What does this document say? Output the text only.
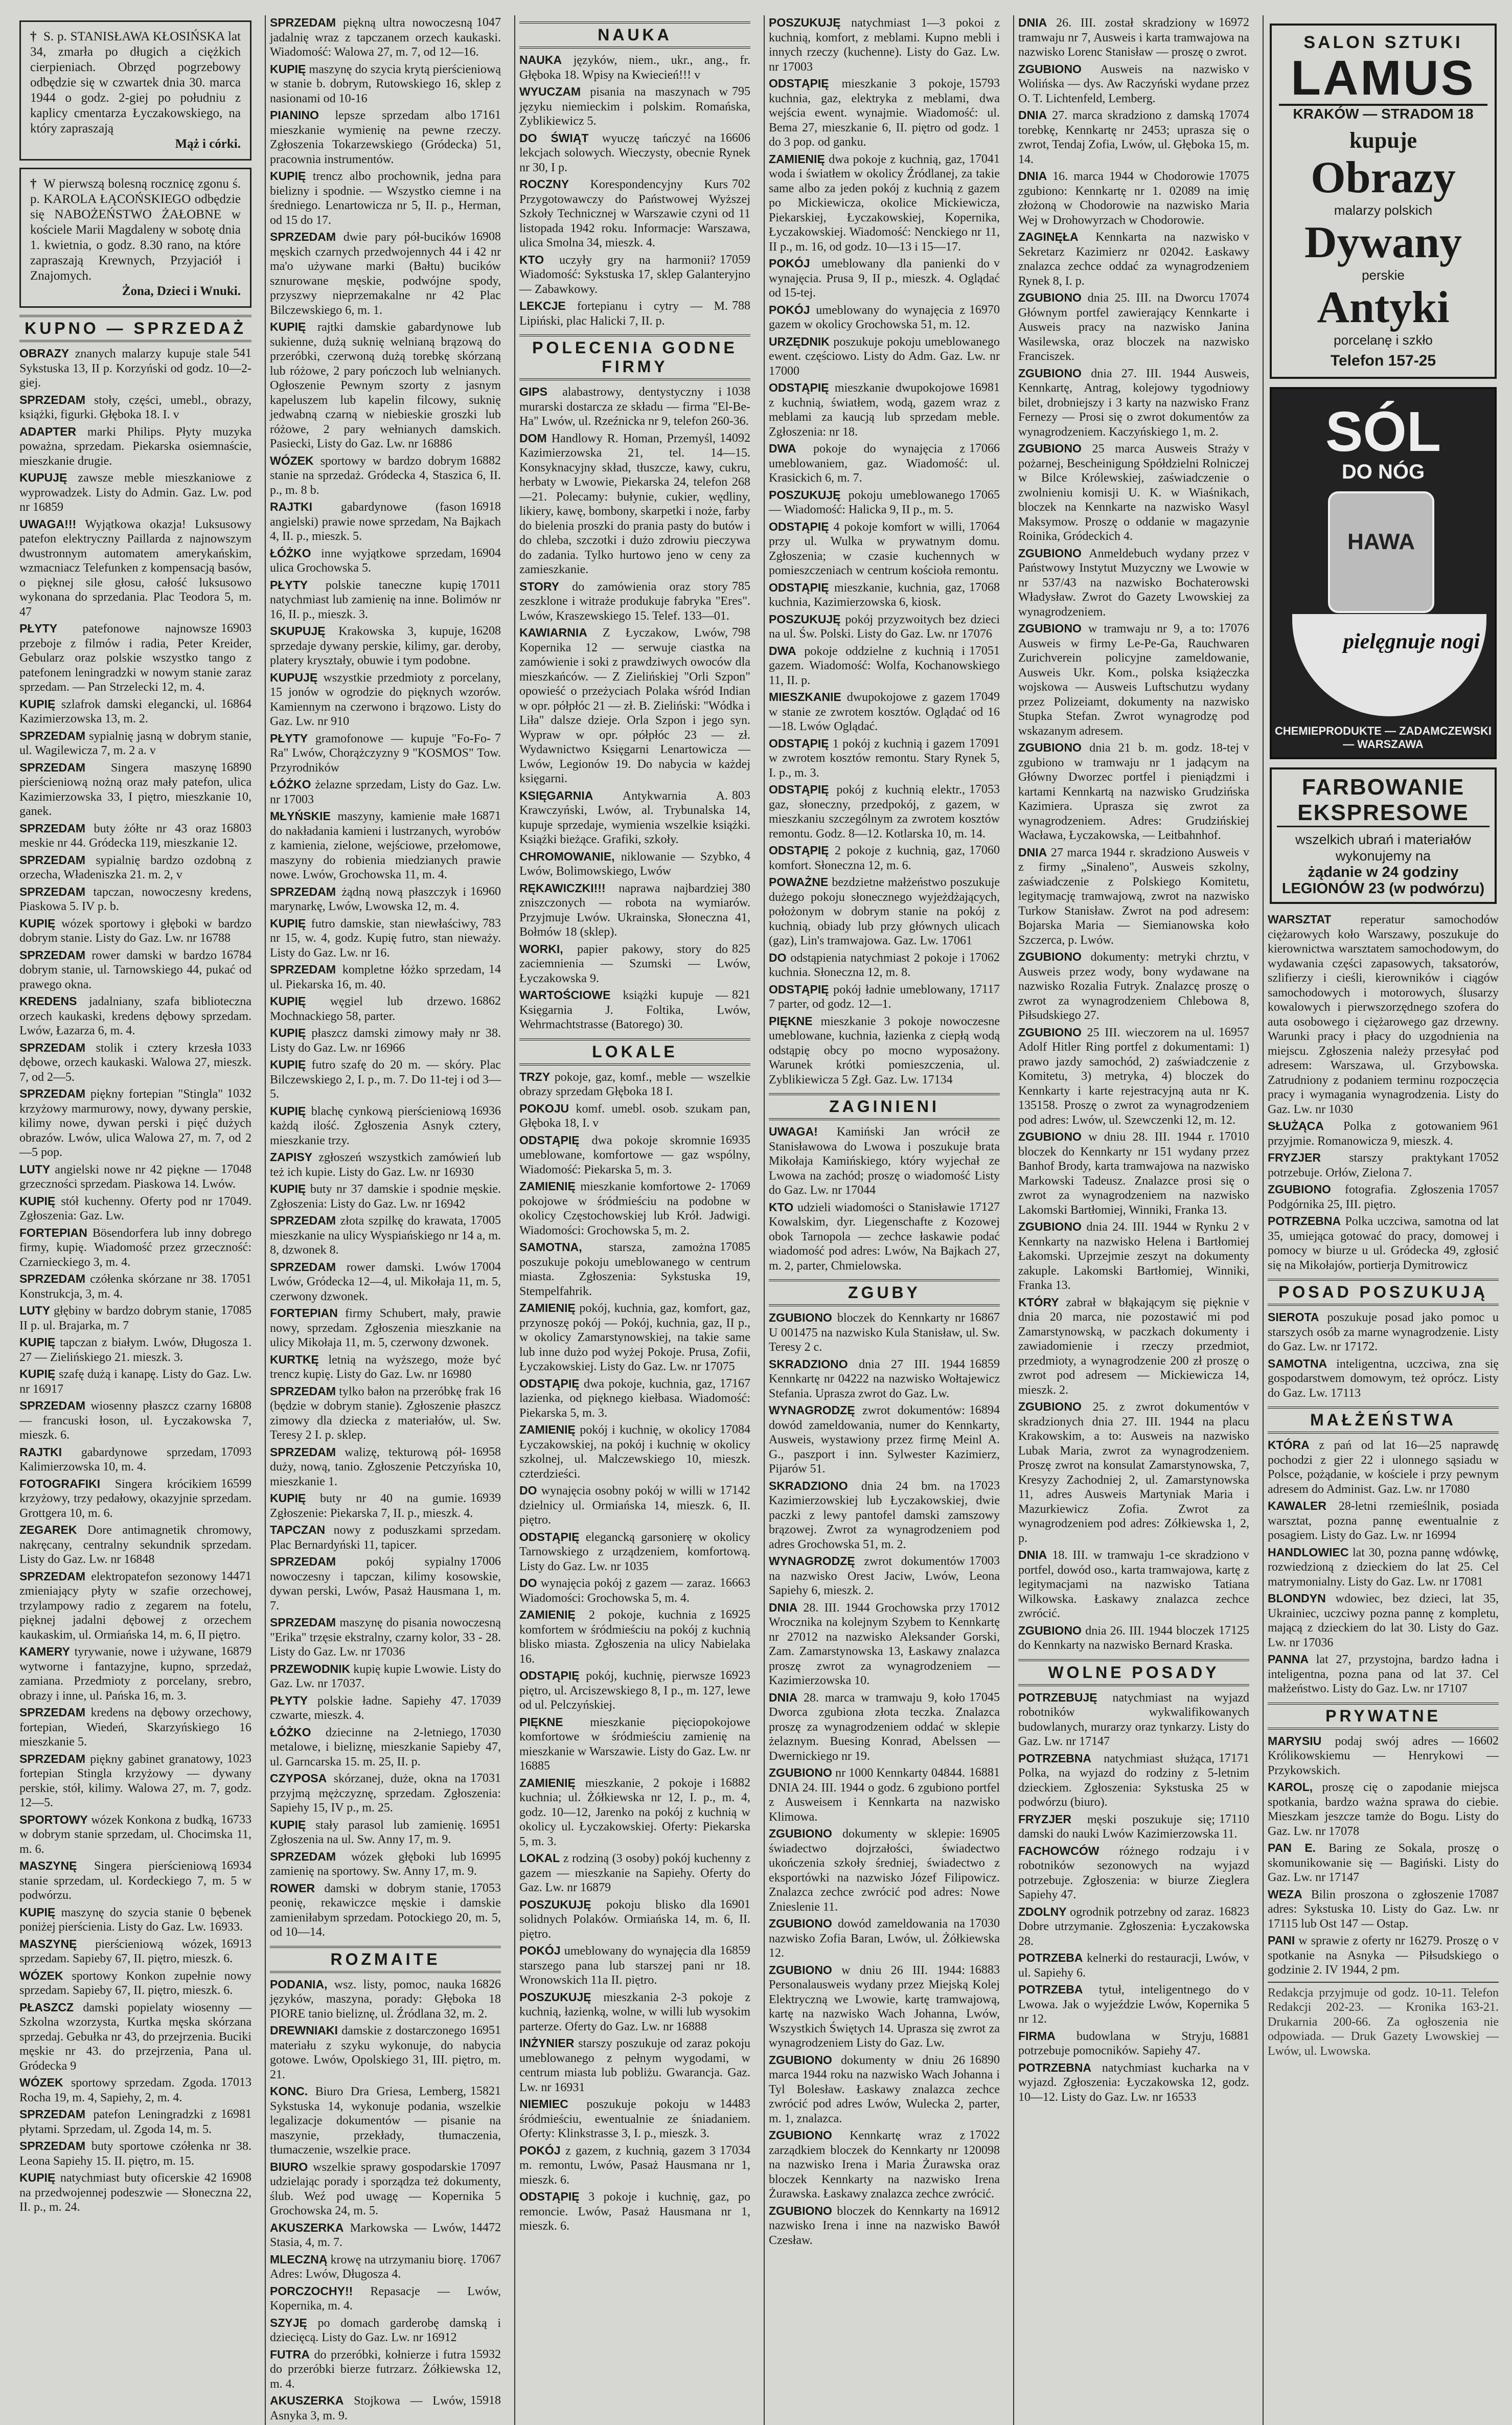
† S. p. STANISŁAWA KŁOSIŃSKA lat 34, zmarła po długich a ciężkich cierpieniach. Obrzęd pogrzebowy odbędzie się w czwartek dnia 30. marca 1944 o godz. 2-giej po południu z kaplicy cmentarza Łyczakowskiego, na który zapraszają
Mąż i córki.
† W pierwszą bolesną rocznicę zgonu ś. p. KAROLA ŁĄCOŃSKIEGO odbędzie się NABOŻEŃSTWO ŻAŁOBNE w kościele Marii Magdaleny w sobotę dnia 1. kwietnia, o godz. 8.30 rano, na które zapraszają Krewnych, Przyjaciół i Znajomych.
Żona, Dzieci i Wnuki.
KUPNO — SPRZEDAŻ

541
OBRAZY znanych malarzy kupuje stale Sykstuska 13, II p. Korzyński od godz. 10—2-giej.

SPRZEDAM stoły, części, umebl., obrazy, książki, figurki. Głęboka 18. I. v

ADAPTER marki Philips. Płyty muzyka poważna, sprzedam. Piekarska osiemnaście, mieszkanie drugie.

KUPUJĘ zawsze meble mieszkaniowe z wyprowadzek. Listy do Admin. Gaz. Lw. pod nr 16859

UWAGA!!! Wyjątkowa okazja! Luksusowy patefon elektryczny Paillarda z najnowszym dwustronnym automatem amerykańskim, wzmacniacz Telefunken z kompensacją basów, o pięknej sile głosu, całość luksusowo wykonana do sprzedania. Plac Teodora 5, m. 47

16903
PŁYTY patefonowe najnowsze przeboje z filmów i radia, Peter Kreider, Gebularz oraz polskie wszystko tango z patefonem leningradzki w nowym stanie zaraz sprzedam. — Pan Strzelecki 12, m. 4.

16864
KUPIĘ szlafrok damski elegancki, ul. Kazimierzowska 13, m. 2.

SPRZEDAM sypialnię jasną w dobrym stanie, ul. Wagilewicza 7, m. 2 a. v

16890
SPRZEDAM Singera maszynę pierścieniową nożną oraz mały patefon, ulica Kazimierzowska 33, I piętro, mieszkanie 10, ganek.

16803
SPRZEDAM buty żółte nr 43 oraz meskie nr 44. Gródecka 119, mieszkanie 12.

SPRZEDAM sypialnię bardzo ozdobną z orzecha, Władeniszka 21. m. 2, v

SPRZEDAM tapczan, nowoczesny kredens, Piaskowa 5. IV p. b.

KUPIĘ wózek sportowy i głęboki w bardzo dobrym stanie. Listy do Gaz. Lw. nr 16788

16784
SPRZEDAM rower damski w bardzo dobrym stanie, ul. Tarnowskiego 44, pukać od prawego okna.

KREDENS jadalniany, szafa biblioteczna orzech kaukaski, kredens dębowy sprzedam. Lwów, Łazarza 6, m. 4.

1033
SPRZEDAM stolik i cztery krzesła dębowe, orzech kaukaski. Walowa 27, mieszk. 7, od 2—5.

1032
SPRZEDAM piękny fortepian "Stingla" krzyżowy marmurowy, nowy, dywany perskie, kilimy nowe, dywan perski i pięć dużych obrazów. Lwów, ulica Walowa 27, m. 7, od 2—5 pop.

17048
LUTY angielski nowe nr 42 piękne — grzeczności sprzedam. Piaskowa 14. Lwów.

KUPIĘ stół kuchenny. Oferty pod nr 17049. Zgłoszenia: Gaz. Lw.

FORTEPIAN Bösendorfera lub inny dobrego firmy, kupię. Wiadomość przez grzeczność: Czarnieckiego 3, m. 4.

17051
SPRZEDAM czółenka skórzane nr 38. Konstrukcja, 3, m. 4.

17085
LUTY głębiny w bardzo dobrym stanie, II p. ul. Brajarka, m. 7

KUPIĘ tapczan z białym. Lwów, Długosza 1. 27 — Zielińskiego 21. mieszk. 3.

KUPIĘ szafę dużą i kanapę. Listy do Gaz. Lw. nr 16917

16808
SPRZEDAM wiosenny płaszcz czarny — francuski łoson, ul. Łyczakowska 7, mieszk. 6.

17093
RAJTKI gabardynowe sprzedam, Kalimierzowska 10, m. 4.

16599
FOTOGRAFIKI Singera krócikiem krzyżowy, trzy pedałowy, okazyjnie sprzedam. Grottgera 10, m. 6.

ZEGAREK Dore antimagnetik chromowy, nakręcany, centralny sekundnik sprzedam. Listy do Gaz. Lw. nr 16848

14471
SPRZEDAM elektropatefon sezonowy zmieniający płyty w szafie orzechowej, trzylampowy radio z zegarem na fotelu, pięknej jadalni dębowej z orzechem kaukaskim, ul. Ormiańska 14, m. 6, II piętro.

16879
KAMERY tyrywanie, nowe i używane, wytworne i fantazyjne, kupno, sprzedaż, zamiana. Przedmioty z porcelany, srebro, obrazy i inne, ul. Pańska 16, m. 3.

SPRZEDAM kredens na dębowy orzechowy, fortepian, Wiedeń, Skarzyńskiego 16 mieszkanie 5.

1023
SPRZEDAM piękny gabinet granatowy, fortepian Stingla krzyżowy — dywany perskie, stół, kilimy. Walowa 27, m. 7, godz. 12—5.

16733
SPORTOWY wózek Konkona z budką, w dobrym stanie sprzedam, ul. Chocimska 11, m. 6.

16934
MASZYNĘ Singera pierścieniową stanie sprzedam, ul. Kordeckiego 7, m. 5 w podwórzu.

KUPIĘ maszynę do szycia stanie 0 bębenek poniżej pierścienia. Listy do Gaz. Lw. 16933.

16913
MASZYNĘ pierścieniową wózek, sprzedam. Sapieby 67, II. piętro, mieszk. 6.

WÓZEK sportowy Konkon zupełnie nowy sprzedam. Sapieby 67, II. piętro, mieszk. 6.

PŁASZCZ damski popielaty wiosenny — Szkolna wzorzysta, Kurtka męska skórzana sprzedaj. Gebułka nr 43, do przejrzenia. Buciki męskie nr 43. do przejrzenia, Pana ul. Gródecka 9

17013
WÓZEK sportowy sprzedam. Zgoda. Rocha 19, m. 4, Sapiehy, 2, m. 4.

16981
SPRZEDAM patefon Leningradzki z płytami. Sprzedam, ul. Zgoda 14, m. 5.

SPRZEDAM buty sportowe czółenka nr 38. Leona Sapiehy 15. II. piętro, m. 15.

16908
KUPIĘ natychmiast buty oficerskie 42 na przedwojennej podeszwie — Słoneczna 22, II. p., m. 24.

1047
SPRZEDAM piękną ultra nowoczesną jadalnię wraz z tapczanem orzech kaukaski. Wiadomość: Walowa 27, m. 7, od 12—16.

KUPIĘ maszynę do szycia krytą pierścieniową w stanie b. dobrym, Rutowskiego 16, sklep z nasionami od 10-16

17161
PIANINO lepsze sprzedam albo mieszkanie wymienię na pewne rzeczy. Zgłoszenia Tokarzewskiego (Gródecka) 51, pracownia instrumentów.

KUPIĘ trencz albo prochownik, jedna para bielizny i spodnie. — Wszystko ciemne i na średniego. Lenartowicza nr 5, II. p., Herman, od 15 do 17.

16908
SPRZEDAM dwie pary pół-bucików męskich czarnych przedwojennych 44 i 42 nr ma'o używane marki (Bałtu) bucików sznurowane męskie, podwójne spody, przyszwy nieprzemakalne nr 42 Plac Bilczewskiego 6, m. 1.

KUPIĘ rajtki damskie gabardynowe lub sukienne, dużą suknię welnianą brązową do przeróbki, czerwoną dużą torebkę skórzaną lub różowe, 2 pary pończoch lub welnianych. Ogłoszenie Pewnym szorty z jasnym kapeluszem lub kapelin filcowy, suknię jedwabną czarną w niebieskie groszki lub różowe, 2 pary wełnianych damskich. Pasiecki, Listy do Gaz. Lw. nr 16886

16882
WÓZEK sportowy w bardzo dobrym stanie na sprzedaż. Gródecka 4, Staszica 6, II. p., m. 8 b.

16918
RAJTKI gabardynowe (fason angielski) prawie nowe sprzedam, Na Bajkach 4, II. p., mieszk. 5.

16904
ŁÓŻKO inne wyjątkowe sprzedam, ulica Grochowska 5.

17011
PŁYTY polskie taneczne kupię natychmiast lub zamienię na inne. Bolimów nr 16, II. p., mieszk. 3.

16208
SKUPUJĘ Krakowska 3, kupuje, sprzedaje dywany perskie, kilimy, gar. deroby, platery kryształy, obuwie i tym podobne.

KUPUJĘ wszystkie przedmioty z porcelany, 15 jonów w ogrodzie do pięknych wzorów. Kamiennym na czerwono i brązowo. Listy do Gaz. Lw. nr 910

7
PŁYTY gramofonowe — kupuje "Fo-Fo-Ra" Lwów, Chorążczyzny 9 "KOSMOS" Tow. Przyrodników

ŁÓŻKO żelazne sprzedam, Listy do Gaz. Lw. nr 17003

16871
MŁYŃSKIE maszyny, kamienie małe do nakładania kamieni i lustrzanych, wyrobów z kamienia, zielone, wejściowe, przełomowe, maszyny do robienia miedzianych prawie nowe. Lwów, Grochowska 11, m. 4.

16960
SPRZEDAM żądną nową płaszczyk i marynarkę, Lwów, Lwowska 12, m. 4.

783
KUPIĘ futro damskie, stan niewłaściwy, nr 15, w. 4, godz. Kupię futro, stan nieważy. Listy do Gaz. Lw. nr 16.

14
SPRZEDAM kompletne łóżko sprzedam, ul. Piekarska 16, m. 40.

16862
KUPIĘ węgiel lub drzewo. Mochnackiego 58, parter.

KUPIĘ płaszcz damski zimowy mały nr 38. Listy do Gaz. Lw. nr 16966

KUPIĘ futro szafę do 20 m. — skóry. Plac Bilczewskiego 2, I. p., m. 7. Do 11-tej i od 3—5.

16936
KUPIĘ blachę cynkową pierścieniową każdą ilość. Zgłoszenia Asnyk cztery, mieszkanie trzy.

ZAPISY zgłoszeń wszystkich zamówień lub też ich kupie. Listy do Gaz. Lw. nr 16930

KUPIĘ buty nr 37 damskie i spodnie męskie. Zgłoszenia: Listy do Gaz. Lw. nr 16942

17005
SPRZEDAM złota szpilkę do krawata, mieszkanie na ulicy Wyspiańskiego nr 14 a, m. 8, dzwonek 8.

17004
SPRZEDAM rower damski. Lwów Lwów, Gródecka 12—4, ul. Mikołaja 11, m. 5, czerwony dzwonek.

FORTEPIAN firmy Schubert, mały, prawie nowy, sprzedam. Zgłoszenia mieszkanie na ulicy Mikołaja 11, m. 5, czerwony dzwonek.

KURTKĘ letnią na wyższego, może być trencz kupię. Listy do Gaz. Lw. nr 16980

16
SPRZEDAM tylko bałon na przeróbkę frak (będzie w dobrym stanie). Zgłoszenie płaszcz zimowy dla dziecka z materiałów, ul. Sw. Teresy 2 I. p. sklep.

16958
SPRZEDAM walizę, tekturową pół-duży, nową, tanio. Zgłoszenie Petczyńska 10, mieszkanie 1.

16939
KUPIĘ buty nr 40 na gumie. Zgłoszenie: Piekarska 7, II. p., mieszk. 4.

TAPCZAN nowy z poduszkami sprzedam. Plac Bernardyński 11, tapicer.

17006
SPRZEDAM pokój sypialny nowoczesny i tapczan, kilimy kosowskie, dywan perski, Lwów, Pasaż Hausmana 1, m. 7.

SPRZEDAM maszynę do pisania nowoczesną "Erika" trzęsie ekstralny, czarny kolor, 33 - 28. Listy do Gaz. Lw. nr 17036

PRZEWODNIK kupię kupie Lwowie. Listy do Gaz. Lw. nr 17037.

17039
PŁYTY polskie ładne. Sapiehy 47. czwarte, mieszk. 4.

17030
ŁÓŻKO dziecinne na 2-letniego, metalowe, i bieliznę, mieszkanie Sapieby 47, ul. Garncarska 15. m. 25, II. p.

17031
CZYPOSA skórzanej, duże, okna na przyjmą mężczyznę, sprzedam. Zgłoszenia: Sapiehy 15, IV p., m. 25.

16951
KUPIĘ stały parasol lub zamienię. Zgłoszenia na ul. Sw. Anny 17, m. 9.

16995
SPRZEDAM wózek głęboki lub zamienię na sportowy. Sw. Anny 17, m. 9.

17053
ROWER damski w dobrym stanie, peonię, rekawiczce męskie i damskie zamieniłabym sprzedam. Potockiego 20, m. 5, od 10—14.

ROZMAITE

16826
PODANIA, wsz. listy, pomoc, nauka języków, maszyna, porady: Głęboka 18 PIORE tanio bieliznę, ul. Źródlana 32, m. 2.

16951
DREWNIAKI damskie z dostarczonego materiału z szyku wykonuje, do nabycia gotowe. Lwów, Opolskiego 31, III. piętro, m. 21.

15821
KONC. Biuro Dra Griesa, Lemberg, Sykstuska 14, wykonuje podania, wszelkie legalizacje dokumentów — pisanie na maszynie, przekłady, tłumaczenia, tłumaczenie, wszelkie prace.

17097
BIURO wszelkie sprawy gospodarskie udzielając porady i sporządza też dokumenty, ślub. Weź pod uwagę — Kopernika 5 Grochowska 24, m. 5.

14472
AKUSZERKA Markowska — Lwów, Stasia, 4, m. 7.

17067
MLECZNĄ krowę na utrzymaniu biorę. Adres: Lwów, Długosza 4.

PORCZOCHY!! Repasacje — Lwów, Kopernika, m. 4.

SZYJĘ po domach garderobę damską i dziecięcą. Listy do Gaz. Lw. nr 16912

15932
FUTRA do przeróbki, kołnierze i futra do przeróbki bierze futrzarz. Żółkiewska 12, m. 4.

15918
AKUSZERKA Stojkowa — Lwów, Asnyka 3, m. 9.

NAUKA

NAUKA języków, niem., ukr., ang., fr. Głęboka 18. Wpisy na Kwiecień!!! v

795
WYUCZAM pisania na maszynach w języku niemieckim i polskim. Romańska, Zyblikiewicz 5.

16606
DO ŚWIĄT wyuczę tańczyć na lekcjach solowych. Wieczysty, obecnie Rynek nr 30, I p.

702
ROCZNY Korespondencyjny Kurs Przygotowawczy do Państwowej Wyższej Szkoły Technicznej w Warszawie czyni od 11 listopada 1942 roku. Informacje: Warszawa, ulica Smolna 34, mieszk. 4.

17059
KTO uczyły gry na harmonii? Wiadomość: Sykstuska 17, sklep Galanteryjno — Zabawkowy.

788
LEKCJE fortepianu i cytry — M. Lipiński, plac Halicki 7, II. p.

POLECENIA GODNE FIRMY

1038
GIPS alabastrowy, dentystyczny i murarski dostarcza ze składu — firma "El-Be-Ha" Lwów, ul. Rzeźnicka nr 9, telefon 260-36.

14092
DOM Handlowy R. Homan, Przemyśl, Kazimierzowska 21, tel. 14—15. Konsyknacyjny skład, tłuszcze, kawy, cukru, herbaty w Lwowie, Piekarska 24, telefon 268—21. Polecamy: bułynie, cukier, wędliny, likiery, kawę, bombony, skarpetki i noże, farby do bielenia proszki do prania pasty do butów i do chleba, szczotki i dużo zdrowiu pieczywa do zadania. Tylko hurtowo jeno w ceny za zamieszkanie.

785
STORY do zamówienia oraz story zeszklone i witraże produkuje fabryka "Eres". Lwów, Kraszewskiego 15. Telef. 133—01.

798
KAWIARNIA Z Łyczakow, Lwów, Kopernika 12 — serwuje ciastka na zamówienie i soki z prawdziwych owoców dla mieszkańców. — Z Zielińskiej "Orli Szpon" opowieść o przeżyciach Polaka wśród Indian w opr. półpłóc 21 — zł. B. Zieliński: "Wódka i Liła" dalsze dzieje. Orla Szpon i jego syn. Wypraw w opr. półpłóc 23 — zł. Wydawnictwo Księgarni Lenartowicza — Lwów, Legionów 19. Do nabycia w każdej księgarni.

803
KSIĘGARNIA Antykwarnia A. Krawczyński, Lwów, al. Trybunalska 14, kupuje sprzedaje, wymienia wszelkie książki. Książki bieżące. Grafiki, szkoły.

4
CHROMOWANIE, niklowanie — Szybko, Lwów, Bolimowskiego, Lwów

380
RĘKAWICZKI!!! naprawa najbardziej zniszczonych — robota na wymiarów. Przyjmuje Lwów. Ukrainska, Słoneczna 41, Bołmów 18 (sklep).

825
WORKI, papier pakowy, story do zaciemnienia — Szumski — Lwów, Łyczakowska 9.

821
WARTOŚCIOWE książki kupuje — Księgarnia J. Foltika, Lwów, Wehrmachtstrasse (Batorego) 30.

LOKALE

TRZY pokoje, gaz, komf., meble — wszelkie obrazy sprzedam Głęboka 18 I.

POKOJU komf. umebl. osob. szukam pan, Głęboka 18, I. v

16935
ODSTĄPIĘ dwa pokoje skromnie umeblowane, komfortowe — gaz wspólny, Wiadomość: Piekarska 5, m. 3.

17069
ZAMIENIĘ mieszkanie komfortowe 2-pokojowe w śródmieściu na podobne w okolicy Częstochowskiej lub Krół. Jadwigi. Wiadomości: Grochowska 5, m. 2.

17085
SAMOTNA, starsza, zamożna poszukuje pokoju umeblowanego w centrum miasta. Zgłoszenia: Sykstuska 19, Stempelfahrik.

ZAMIENIĘ pokój, kuchnia, gaz, komfort, gaz, przynoszę pokój — Pokój, kuchnia, gaz, II p., w okolicy Zamarstynowskiej, na takie same lub inne dużo pod wyżej Pokoje. Prusa, Zofii, Łyczakowskiej. Listy do Gaz. Lw. nr 17075

17167
ODSTĄPIĘ dwa pokoje, kuchnia, gaz, lazienka, od pięknego kiełbasa. Wiadomość: Piekarska 5, m. 3.

17084
ZAMIENIĘ pokój i kuchnię, w okolicy Łyczakowskiej, na pokój i kuchnię w okolicy szkolnej, ul. Malczewskiego 10, mieszk. czterdzieści.

17142
DO wynajęcia osobny pokój w willi w dzielnicy ul. Ormiańska 14, mieszk. 6, II. piętro.

ODSTĄPIĘ elegancką garsonierę w okolicy Tarnowskiego z urządzeniem, komfortową. Listy do Gaz. Lw. nr 1035

16663
DO wynajęcia pokój z gazem — zaraz. Wiadomości: Grochowska 5, m. 4.

16925
ZAMIENIĘ 2 pokoje, kuchnia z komfortem w śródmieściu na pokój z kuchnią blisko miasta. Zgłoszenia na ulicy Nabielaka 16.

16923
ODSTĄPIĘ pokój, kuchnię, pierwsze piętro, ul. Arciszewskiego 8, I p., m. 127, lewe od ul. Pelczyńskiej.

PIĘKNE mieszkanie pięciopokojowe komfortowe w śródmieściu zamienię na mieszkanie w Warszawie. Listy do Gaz. Lw. nr 16885

16882
ZAMIENIĘ mieszkanie, 2 pokoje i kuchnia; ul. Żółkiewska nr 12, I. p., m. 4, godz. 10—12, Jarenko na pokój z kuchnią w okolicy ul. Łyczakowskiej. Oferty: Piekarska 5, m. 3.

LOKAL z rodziną (3 osoby) pokój kuchenny z gazem — mieszkanie na Sapiehy. Oferty do Gaz. Lw. nr 16879

16901
POSZUKUJĘ pokoju blisko dla solidnych Polaków. Ormiańska 14, m. 6, II. piętro.

16859
POKÓJ umeblowany do wynajęcia dla starszego pana lub starszej pani nr 18. Wronowskich 11a II. piętro.

POSZUKUJĘ mieszkania 2-3 pokoje z kuchnią, łazienką, wolne, w willi lub wysokim parterze. Oferty do Gaz. Lw. nr 16888

INŻYNIER starszy poszukuje od zaraz pokoju umeblowanego z pełnym wygodami, w centrum miasta lub pobliżu. Gwarancja. Gaz. Lw. nr 16931

14483
NIEMIEC poszukuje pokoju w śródmieściu, ewentualnie ze śniadaniem. Oferty: Klinkstrasse 3, I. p., mieszk. 3.

17034
POKÓJ z gazem, z kuchnią, gazem 3 m. remontu, Lwów, Pasaż Hausmana nr 1, mieszk. 6.

ODSTĄPIĘ 3 pokoje i kuchnię, gaz, po remoncie. Lwów, Pasaż Hausmana nr 1, mieszk. 6.

POSZUKUJĘ natychmiast 1—3 pokoi z kuchnią, komfort, z meblami. Kupno mebli i innych rzeczy (kuchenne). Listy do Gaz. Lw. nr 17003

15793
ODSTĄPIĘ mieszkanie 3 pokoje, kuchnia, gaz, elektryka z meblami, dwa wejścia ewent. wynajmie. Wiadomość: ul. Bema 27, mieszkanie 6, II. piętro od godz. 1 do 3 pop. od ganku.

17041
ZAMIENIĘ dwa pokoje z kuchnią, gaz, woda i światłem w okolicy Źródlanej, za takie same albo za jeden pokój z kuchnią z gazem po Mickiewicza, okolice Mickiewicza, Piekarskiej, Łyczakowskiej, Kopernika, Łyczakowskiej. Wiadomość: Nenckiego nr 11, II p., m. 16, od godz. 10—13 i 15—17.

v
POKÓJ umeblowany dla panienki do wynajęcia. Prusa 9, II p., mieszk. 4. Oglądać od 15-tej.

16970
POKÓJ umeblowany do wynajęcia z gazem w okolicy Grochowska 51, m. 12.

URZĘDNIK poszukuje pokoju umeblowanego ewent. częściowo. Listy do Adm. Gaz. Lw. nr 17000

16981
ODSTĄPIĘ mieszkanie dwupokojowe z kuchnią, światłem, wodą, gazem wraz z meblami za kaucją lub sprzedam meble. Zgłoszenia: nr 18.

17066
DWA pokoje do wynajęcia z umeblowaniem, gaz. Wiadomość: ul. Krasickich 6, m. 7.

17065
POSZUKUJĘ pokoju umeblowanego — Wiadomość: Halicka 9, II p., m. 5.

17064
ODSTĄPIĘ 4 pokoje komfort w willi, przy ul. Wulka w prywatnym domu. Zgłoszenia; w czasie kuchennych w pomieszczeniach w centrum kościoła remontu.

17068
ODSTĄPIĘ mieszkanie, kuchnia, gaz, kuchnia, Kazimierzowska 6, kiosk.

POSZUKUJĘ pokój przyzwoitych bez dzieci na ul. Św. Polski. Listy do Gaz. Lw. nr 17076

17051
DWA pokoje oddzielne z kuchnią i gazem. Wiadomość: Wolfa, Kochanowskiego 11, II. p.

17049
MIESZKANIE dwupokojowe z gazem w stanie ze zwrotem kosztów. Oglądać od 16—18. Lwów Oglądać.

17091
ODSTĄPIĘ 1 pokój z kuchnią i gazem w zwrotem kosztów remontu. Stary Rynek 5, I. p., m. 3.

17053
ODSTĄPIĘ pokój z kuchnią elektr., gaz, słoneczny, przedpokój, z gazem, w mieszkaniu szczególnym za zwrotem kosztów remontu. Godz. 8—12. Kotlarska 10, m. 14.

17060
ODSTĄPIĘ 2 pokoje z kuchnią, gaz, komfort. Słoneczna 12, m. 6.

POWAŻNE bezdzietne małżeństwo poszukuje dużego pokoju słonecznego wyjeżdżających, położonym w dobrym stanie na pokój z kuchnią, obiady lub przy głównych ulicach (gaz), Lin's tramwajowa. Gaz. Lw. 17061

17062
DO odstąpienia natychmiast 2 pokoje i kuchnia. Słoneczna 12, m. 8.

17117
ODSTĄPIĘ pokój ładnie umeblowany, 7 parter, od godz. 12—1.

PIĘKNE mieszkanie 3 pokoje nowoczesne umeblowane, kuchnia, łazienka z ciepłą wodą odstąpię obcy po mocno wyposażony. Warunek krótki pomieszczenia, ul. Zyblikiewicza 5 Zgł. Gaz. Lw. 17134

ZAGINIENI

UWAGA! Kamiński Jan wrócił ze Stanisławowa do Lwowa i poszukuje brata Mikołaja Kamińskiego, który wyjechał ze Lwowa na zachód; proszę o wiadomość Listy do Gaz. Lw. nr 17044

17127
KTO udzieli wiadomości o Stanisławie Kowalskim, dyr. Liegenschafte z Kozowej obok Tarnopola — zechce łaskawie podać wiadomość pod adres: Lwów, Na Bajkach 27, m. 2, parter, Chmielowska.

ZGUBY

16867
ZGUBIONO bloczek do Kennkarty nr U 001475 na nazwisko Kula Stanisław, ul. Sw. Teresy 2 c.

16859
SKRADZIONO dnia 27 III. 1944 Kennkartę nr 04222 na nazwisko Wołtajewicz Stefania. Uprasza zwrot do Gaz. Lw.

16894
WYNAGRODZĘ zwrot dokumentów: dowód zameldowania, numer do Kennkarty, Ausweis, wystawiony przez firmę Meinl A. G., paszport i inn. Sylwester Kazimierz, Pijarów 51.

17023
SKRADZIONO dnia 24 bm. na Kazimierzowskiej lub Łyczakowskiej, dwie paczki z lewy pantofel damski zamszowy brązowej. Zwrot za wynagrodzeniem pod adres Grochowska 51, m. 2.

17003
WYNAGRODZĘ zwrot dokumentów na nazwisko Orest Jaciw, Lwów, Leona Sapiehy 6, mieszk. 2.

17012
DNIA 28. III. 1944 Grochowska przy Wrocznika na kolejnym Szybem to Kennkartę nr 27012 na nazwisko Aleksander Gorski, Zam. Zamarstynowska 13, Łaskawy znalazca proszę zwrot za wynagrodzeniem — Kazimierzowska 10.

17045
DNIA 28. marca w tramwaju 9, koło Dworca zgubiona złota teczka. Znalazca proszę za wynagrodzeniem oddać w sklepie żelaznym. Buesing Konrad, Abelssen — Dwernickiego nr 19.

16881
ZGUBIONO nr 1000 Kennkarty 04844. DNIA 24. III. 1944 o godz. 6 zgubiono portfel z Ausweisem i Kennkarta na nazwisko Klimowa.

16905
ZGUBIONO dokumenty w sklepie: świadectwo dojrzałości, świadectwo ukończenia szkoły średniej, świadectwo z eksportówki na nazwisko Józef Filipowicz. Znalazca zechce zwrócić pod adres: Nowe Znieslenie 11.

17030
ZGUBIONO dowód zameldowania na nazwisko Zofia Baran, Lwów, ul. Żółkiewska 12.

16883
ZGUBIONO w dniu 26 III. 1944: Personalausweis wydany przez Miejską Kolej Elektryczną we Lwowie, kartę tramwajową, kartę na nazwisko Wach Johanna, Lwów, Wszystkich Świętych 14. Uprasza się zwrot za wynagrodzeniem Listy do Gaz. Lw.

16890
ZGUBIONO dokumenty w dniu 26 marca 1944 roku na nazwisko Wach Johanna i Tyl Bolesław. Łaskawy znalazca zechce zwrócić pod adres Lwów, Wulecka 2, parter, m. 1, znalazca.

17022
ZGUBIONO Kennkartę wraz z zarządkiem bloczek do Kennkarty nr 120098 na nazwisko Irena i Maria Żurawska oraz bloczek Kennkarty na nazwisko Irena Żurawska. Łaskawy znalazca zechce zwrócić.

16912
ZGUBIONO bloczek do Kennkarty na nazwisko Irena i inne na nazwisko Bawół Czesław.

16972
DNIA 26. III. został skradziony w tramwaju nr 7, Ausweis i karta tramwajowa na nazwisko Lorenc Stanisław — proszę o zwrot.

v
ZGUBIONO Ausweis na nazwisko Wolińska — dys. Aw Raczyński wydane przez O. T. Lichtenfeld, Lemberg.

17074
DNIA 27. marca skradziono z damską torebkę, Kennkartę nr 2453; uprasza się o zwrot, Tendaj Zofia, Lwów, ul. Głęboka 15, m. 14.

17075
DNIA 16. marca 1944 w Chodorowie zgubiono: Kennkartę nr 1. 02089 na imię złożoną w Chodorowie na nazwisko Maria Wej w Drohowyrzach w Chodorowie.

v
ZAGINĘŁA Kennkarta na nazwisko Sekretarz Kazimierz nr 02042. Łaskawy znalazca zechce oddać za wynagrodzeniem Rynek 8, I. p.

17074
ZGUBIONO dnia 25. III. na Dworcu Głównym portfel zawierający Kennkarte i Ausweis pracy na nazwisko Janina Wasilewska, oraz bloczek na nazwisko Franciszek.

ZGUBIONO dnia 27. III. 1944 Ausweis, Kennkartę, Antrag, kolejowy tygodniowy bilet, drobniejszy i 3 karty na nazwisko Franz Fernezy — Prosi się o zwrot dokumentów za wynagrodzeniem. Kaczyńskiego 1, m. 2.

v
ZGUBIONO 25 marca Ausweis Straży pożarnej, Bescheinigung Spółdzielni Rolniczej w Bilce Królewskiej, zaświadczenie o zwolnieniu komisji U. K. w Wiaśnikach, bloczek na Kennkarte na nazwisko Wasyl Maksymow. Proszę o oddanie w magazynie Roinika, Gródeckich 4.

v
ZGUBIONO Anmeldebuch wydany przez Państwowy Instytut Muzyczny we Lwowie w nr 537/43 na nazwisko Bochaterowski Władysław. Zwrot do Gazety Lwowskiej za wynagrodzeniem.

17076
ZGUBIONO w tramwaju nr 9, a to: Ausweis w firmy Le-Pe-Ga, Rauchwaren Zurichverein policyjne zameldowanie, Ausweis Ukr. Kom., polska książeczka wojskowa — Ausweis Luftschutzu wydany przez Polizeiamt, dokumenty na nazwisko Stupka Stefan. Zwrot wynagrodzę pod wskazanym adresem.

v
ZGUBIONO dnia 21 b. m. godz. 18-tej zgubiono w tramwaju nr 1 jadącym na Główny Dworzec portfel i pieniądzmi i kartami Kennkartą na nazwisko Grudzińska Kazimiera. Uprasza się zwrot za wynagrodzeniem. Adres: Grudzińskiej Wacława, Łyczakowska, — Leitbahnhof.

v
DNIA 27 marca 1944 r. skradziono Ausweis z firmy „Sinaleno", Ausweis szkolny, zaświadczenie z Polskiego Komitetu, legitymację tramwajową, zwrot na nazwisko Turkow Stanisław. Zwrot na pod adresem: Bojarska Maria — Siemianowska koło Szczerca, p. Lwów.

v
ZGUBIONO dokumenty: metryki chrztu, Ausweis przez wody, bony wydawane na nazwisko Rozalia Futryk. Znalazcę proszę o zwrot za wynagrodzeniem Chlebowa 8, Piłsudskiego 27.

16957
ZGUBIONO 25 III. wieczorem na ul. Adolf Hitler Ring portfel z dokumentami: 1) prawo jazdy samochód, 2) zaświadczenie z Komitetu, 3) metryka, 4) bloczek do Kennkarty i karte rejestracyjną auta nr K. 135158. Proszę o zwrot za wynagrodzeniem pod adres: Lwów, ul. Szewczenki 12, m. 12.

17010
ZGUBIONO w dniu 28. III. 1944 r. bloczek do Kennkarty nr 151 wydany przez Banhof Brody, karta tramwajowa na nazwisko Markowski Tadeusz. Znalazce prosi się o zwrot za wynagrodzeniem na nazwisko Lakomski Bartłomiej, Winniki, Franka 13.

v
ZGUBIONO dnia 24. III. 1944 w Rynku 2 Kennkarty na nazwisko Helena i Bartłomiej Łakomski. Uprzejmie zeszyt na dokumenty zakuple. Lakomski Bartłomiej, Winniki, Franka 13.

v
KTÓRY zabrał w błąkającym się pięknie dnia 20 marca, nie pozostawić mi pod Zamarstynowską, w paczkach dokumenty i zawiadomienie i rzeczy przedmiot, przedmioty, a wynagrodzenie 200 zł proszę o zwrot pod adresem — Mickiewicza 14, mieszk. 2.

v
ZGUBIONO 25. z zwrot dokumentów skradzionych dnia 27. III. 1944 na placu Krakowskim, a to: Ausweis na nazwisko Lubak Maria, zwrot za wynagrodzeniem. Proszę zwrot na konsulat Zamarstynowska, 7, Kresyzy Zachodniej 2, ul. Zamarstynowska 11, adres Ausweis Martyniak Maria i Mazurkiewicz Zofia. Zwrot za wynagrodzeniem pod adres: Zółkiewska 1, 2, p.

v
DNIA 18. III. w tramwaju 1-ce skradziono portfel, dowód oso., karta tramwajowa, kartę z legitymacjami na nazwisko Tatiana Wilkowska. Łaskawy znalazca zechce zwrócić.

17125
ZGUBIONO dnia 26. III. 1944 bloczek do Kennkarty na nazwisko Bernard Kraska.

WOLNE POSADY

POTRZEBUJĘ natychmiast na wyjazd robotników wykwalifikowanych budowlanych, murarzy oraz tynkarzy. Listy do Gaz. Lw. nr 17147

17171
POTRZEBNA natychmiast służąca, Polka, na wyjazd do rodziny z 5-letnim dzieckiem. Zgłoszenia: Sykstuska 25 w podwórzu (biuro).

17110
FRYZJER męski poszukuje się; damski do nauki Lwów Kazimierzowska 11.

v
FACHOWCÓW różnego rodzaju i robotników sezonowych na wyjazd potrzebuje. Zgłoszenia: w biurze Zieglera Sapiehy 47.

16823
ZDOLNY ogrodnik potrzebny od zaraz. Dobre utrzymanie. Zgłoszenia: Łyczakowska 28.

v
POTRZEBA kelnerki do restauracji, Lwów, ul. Sapiehy 6.

v
POTRZEBA tytuł, inteligentnego do Lwowa. Jak o wyjeździe Lwów, Kopernika 5 nr 12.

16881
FIRMA budowlana w Stryju, potrzebuje pomocników. Sapiehy 47.

v
POTRZEBNA natychmiast kucharka na wyjazd. Zgłoszenia: Łyczakowska 12, godz. 10—12. Listy do Gaz. Lw. nr 16533

SALON SZTUKI
LAMUS
KRAKÓW — STRADOM 18
kupuje
Obrazy
malarzy polskich
Dywany
perskie
Antyki
porcelanę i szkło
Telefon 157-25
SÓL
DO NÓG
HAWA
pielęgnuje nogi
CHEMIEPRODUKTE — ZADAMCZEWSKI — WARSZAWA
FARBOWANIE EKSPRESOWE
wszelkich ubrań i materiałów wykonujemy na
żądanie w 24 godziny
LEGIONÓW 23 (w podwórzu)

WARSZTAT reperatur samochodów ciężarowych koło Warszawy, poszukuje do kierownictwa warsztatem samochodowym, do wydawania części zapasowych, taksatorów, szlifierzy i cieśli, kierowników i ciągów samochodowych i motorowych, ślusarzy kowalowych i pierwszorzędnego szofera do auta osobowego i ciężarowego gaz drzewny. Warunki pracy i płacy do uzgodnienia na miejscu. Zgłoszenia należy przesyłać pod adresem: Warszawa, ul. Grzybowska. Zatrudniony z podaniem terminu rozpoczęcia pracy i wymagania wynagrodzenia. Listy do Gaz. Lw. nr 1030

961
SŁUŻĄCA Polka z gotowaniem przyjmie. Romanowicza 9, mieszk. 4.

17052
FRYZJER starszy praktykant potrzebuje. Orłów, Zielona 7.

17057
ZGUBIONO fotografia. Zgłoszenia Podgórnika 25, III. piętro.

POTRZEBNA Polka uczciwa, samotna od lat 35, umiejąca gotować do pracy, domowej i pomocy w biurze u ul. Gródecka 49, zgłosić się na Mikołajów, portierja Dymitrowicz

POSAD POSZUKUJĄ

SIEROTA poszukuje posad jako pomoc u starszych osób za marne wynagrodzenie. Listy do Gaz. Lw. nr 17172.

SAMOTNA inteligentna, uczciwa, zna się gospodarstwem domowym, też oprócz. Listy do Gaz. Lw. 17113

MAŁŻEŃSTWA

KTÓRA z pań od lat 16—25 naprawdę pochodzi z gier 22 i ulonnego sąsiadu w Polsce, pożądanie, w kościele i przy pewnym adresem do Administ. Gaz. Lw. nr 17080

KAWALER 28-letni rzemieślnik, posiada warsztat, pozna pannę ewentualnie z posagiem. Listy do Gaz. Lw. nr 16994

HANDLOWIEC lat 30, pozna pannę wdówkę, rozwiedzioną z dzieckiem do lat 25. Cel matrymonialny. Listy do Gaz. Lw. nr 17081

BLONDYN wdowiec, bez dzieci, lat 35, Ukrainiec, uczciwy pozna pannę z kompletu, mającą z dzieckiem do lat 30. Listy do Gaz. Lw. nr 17036

PANNA lat 27, przystojna, bardzo ładna i inteligentna, pozna pana od lat 37. Cel małżeństwo. Listy do Gaz. Lw. nr 17107

PRYWATNE

16602
MARYSIU podaj swój adres — Królikowskiemu — Henrykowi — Przykowskich.

KAROL, proszę cię o zapodanie miejsca spotkania, bardzo ważna sprawa do ciebie. Mieszkam jeszcze tamże do Bogu. Listy do Gaz. Lw. nr 17078

PAN E. Baring ze Sokala, proszę o skomunikowanie się — Bagiński. Listy do Gaz. Lw. nr 17147

17087
WEZA Bilin proszona o zgłoszenie adres: Sykstuska 10. Listy do Gaz. Lw. nr 17115 lub Ost 147 — Ostap.

v
PANI w sprawie z oferty nr 16279. Proszę o spotkanie na Asnyka — Piłsudskiego o godzinie 2. IV 1944, 2 pm.

Redakcja przyjmuje od godz. 10-11. Telefon Redakcji 202-23. — Kronika 163-21. Drukarnia 200-66. Za ogłoszenia nie odpowiada. — Druk Gazety Lwowskiej — Lwów, ul. Lwowska.
